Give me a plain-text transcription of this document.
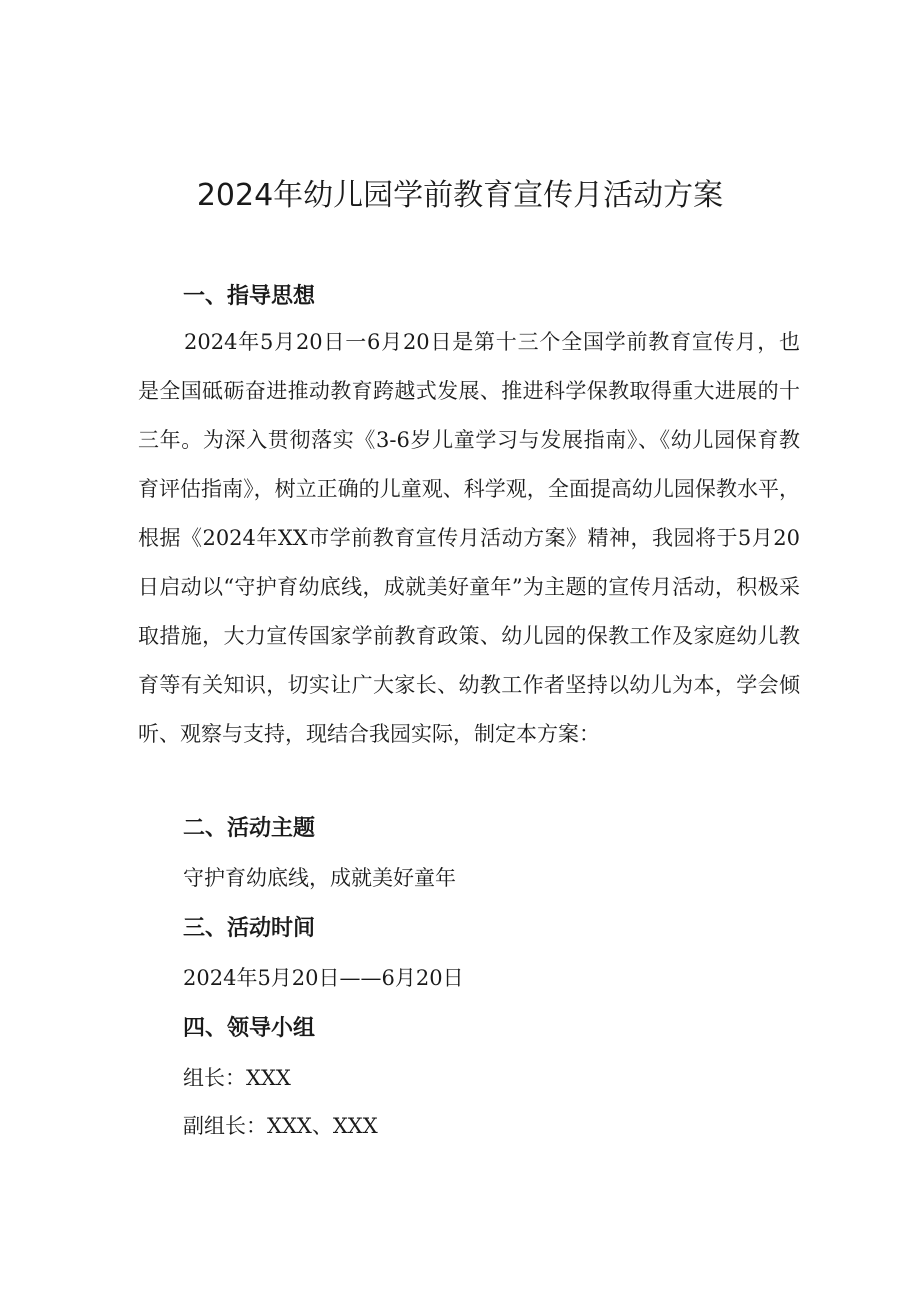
2024年幼儿园学前教育宣传月活动方案
一、指导思想

2024年5月20日一6月20日是第十三个全国学前教育宣传月，也是全国砥砺奋进推动教育跨越式发展、推进科学保教取得重大进展的十三年。为深入贯彻落实《3-6岁儿童学习与发展指南》、《幼儿园保育教育评估指南》，树立正确的儿童观、科学观，全面提高幼儿园保教水平，根据《2024年XX市学前教育宣传月活动方案》精神，我园将于5月20日启动以“守护育幼底线，成就美好童年”为主题的宣传月活动，积极采取措施，大力宣传国家学前教育政策、幼儿园的保教工作及家庭幼儿教育等有关知识，切实让广大家长、幼教工作者坚持以幼儿为本，学会倾听、观察与支持，现结合我园实际，制定本方案：

二、活动主题

守护育幼底线，成就美好童年

三、活动时间

2024年5月20日——6月20日

四、领导小组

组长：XXX

副组长：XXX、XXX
